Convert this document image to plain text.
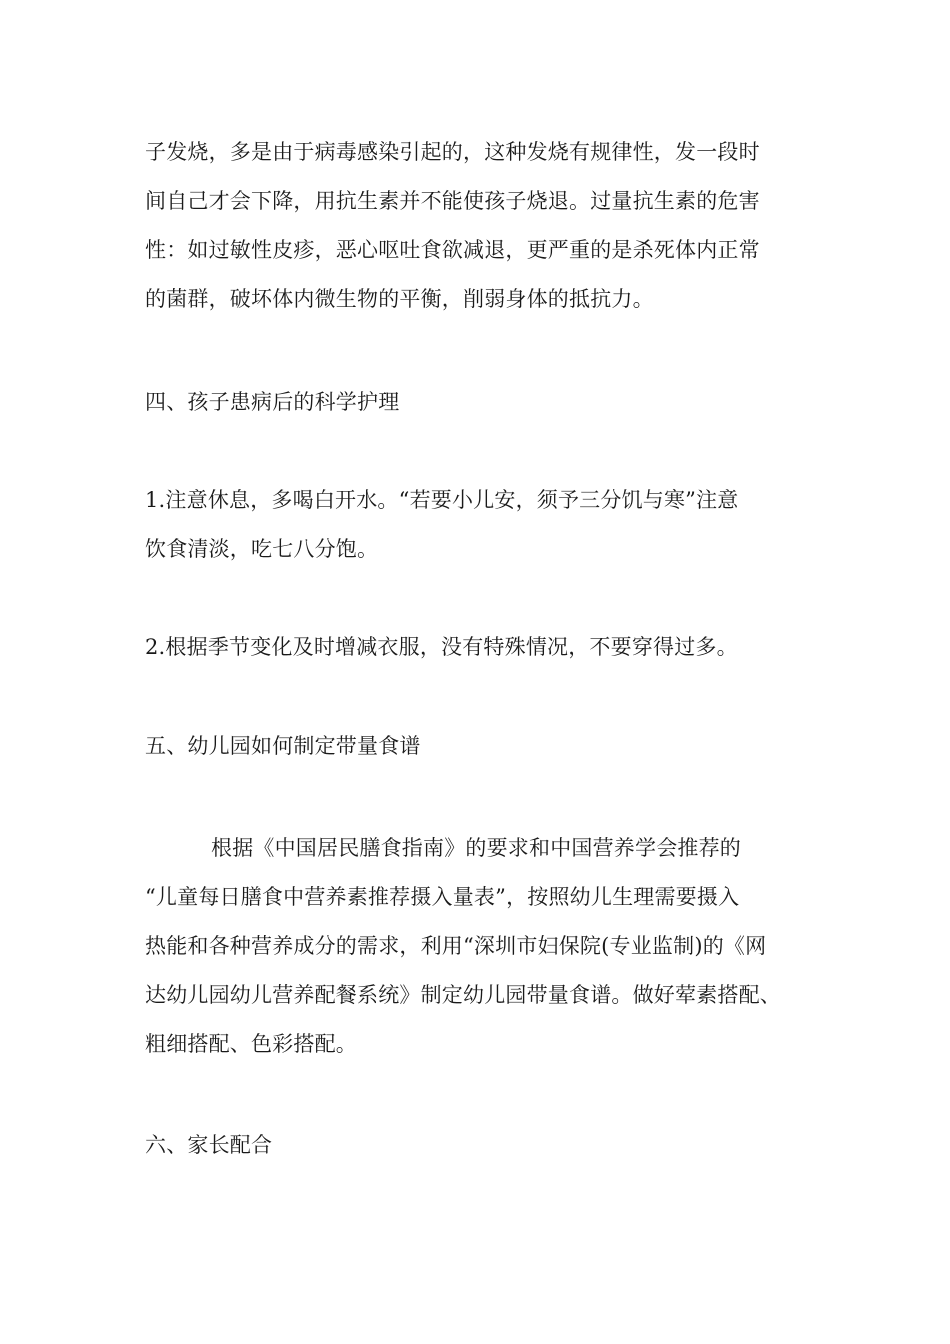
子发烧，多是由于病毒感染引起的，这种发烧有规律性，发一段时
间自己才会下降，用抗生素并不能使孩子烧退。过量抗生素的危害
性：如过敏性皮疹，恶心呕吐食欲减退，更严重的是杀死体内正常
的菌群，破坏体内微生物的平衡，削弱身体的抵抗力。
四、孩子患病后的科学护理
1.注意休息，多喝白开水。“若要小儿安，须予三分饥与寒”注意
饮食清淡，吃七八分饱。
2.根据季节变化及时增减衣服，没有特殊情况，不要穿得过多。
五、幼儿园如何制定带量食谱
根据《中国居民膳食指南》的要求和中国营养学会推荐的
“儿童每日膳食中营养素推荐摄入量表”，按照幼儿生理需要摄入
热能和各种营养成分的需求，利用“深圳市妇保院(专业监制)的《网
达幼儿园幼儿营养配餐系统》制定幼儿园带量食谱。做好荤素搭配、
粗细搭配、色彩搭配。
六、家长配合
